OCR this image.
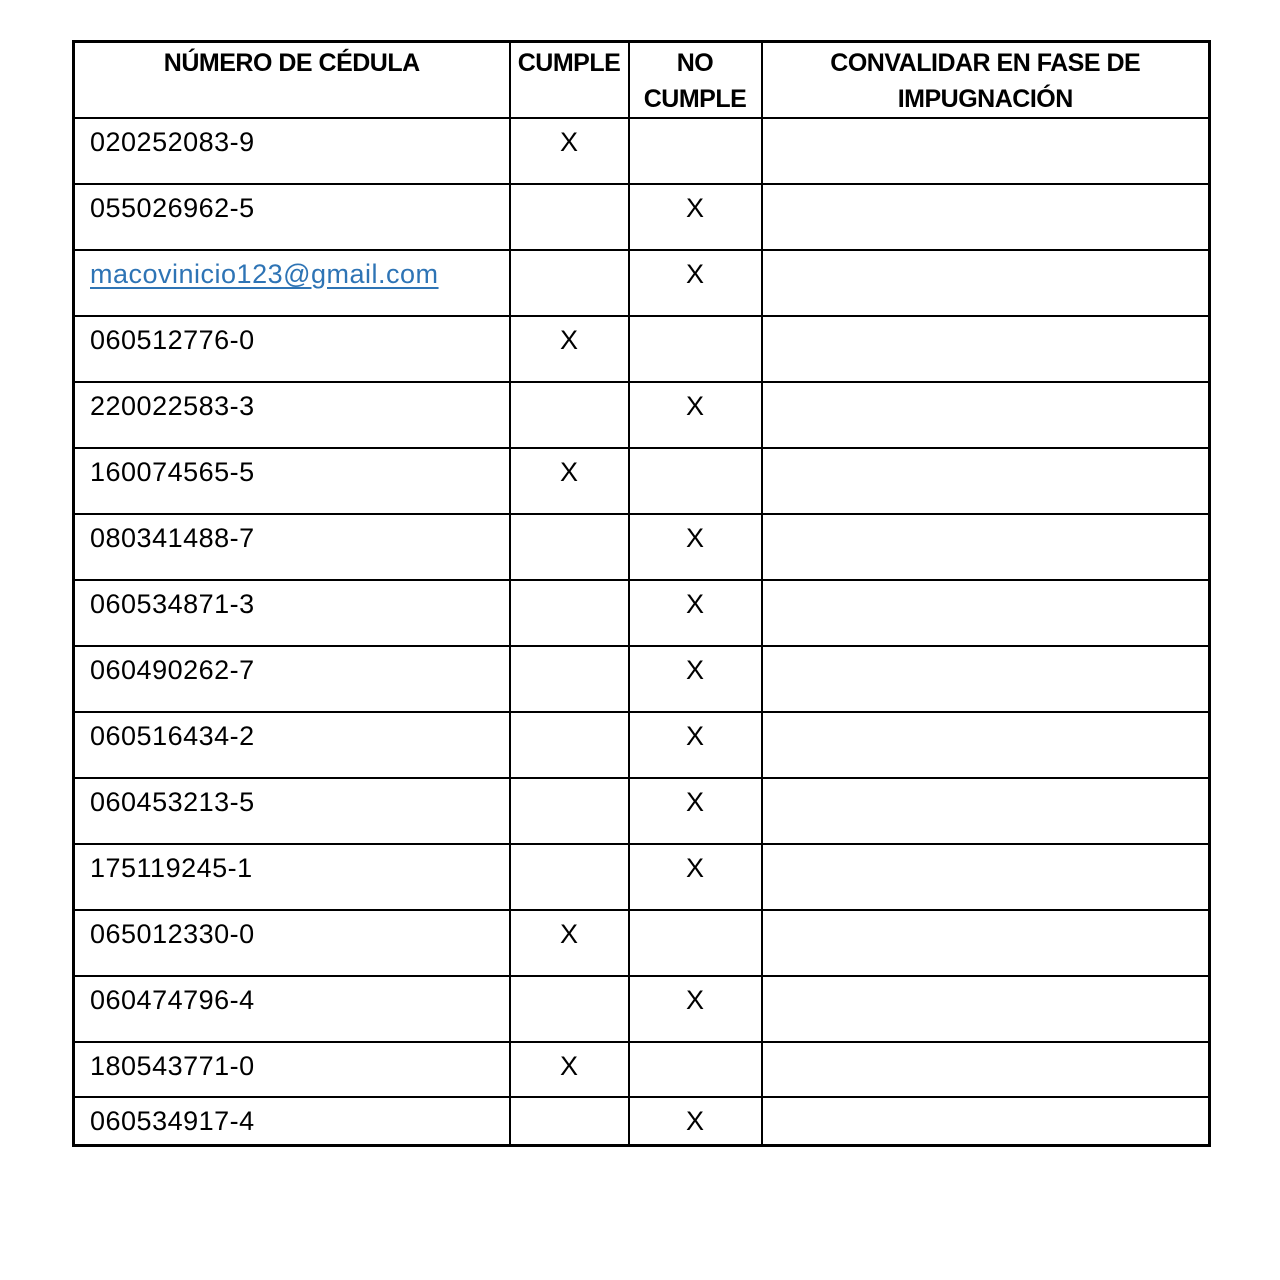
NÚMERO DE CÉDULA	CUMPLE	NO CUMPLE	CONVALIDAR EN FASE DE IMPUGNACIÓN
020252083-9	X		
055026962-5		X	
macovinicio123@gmail.com		X	
060512776-0	X		
220022583-3		X	
160074565-5	X		
080341488-7		X	
060534871-3		X	
060490262-7		X	
060516434-2		X	
060453213-5		X	
175119245-1		X	
065012330-0	X		
060474796-4		X	
180543771-0	X		
060534917-4		X	
